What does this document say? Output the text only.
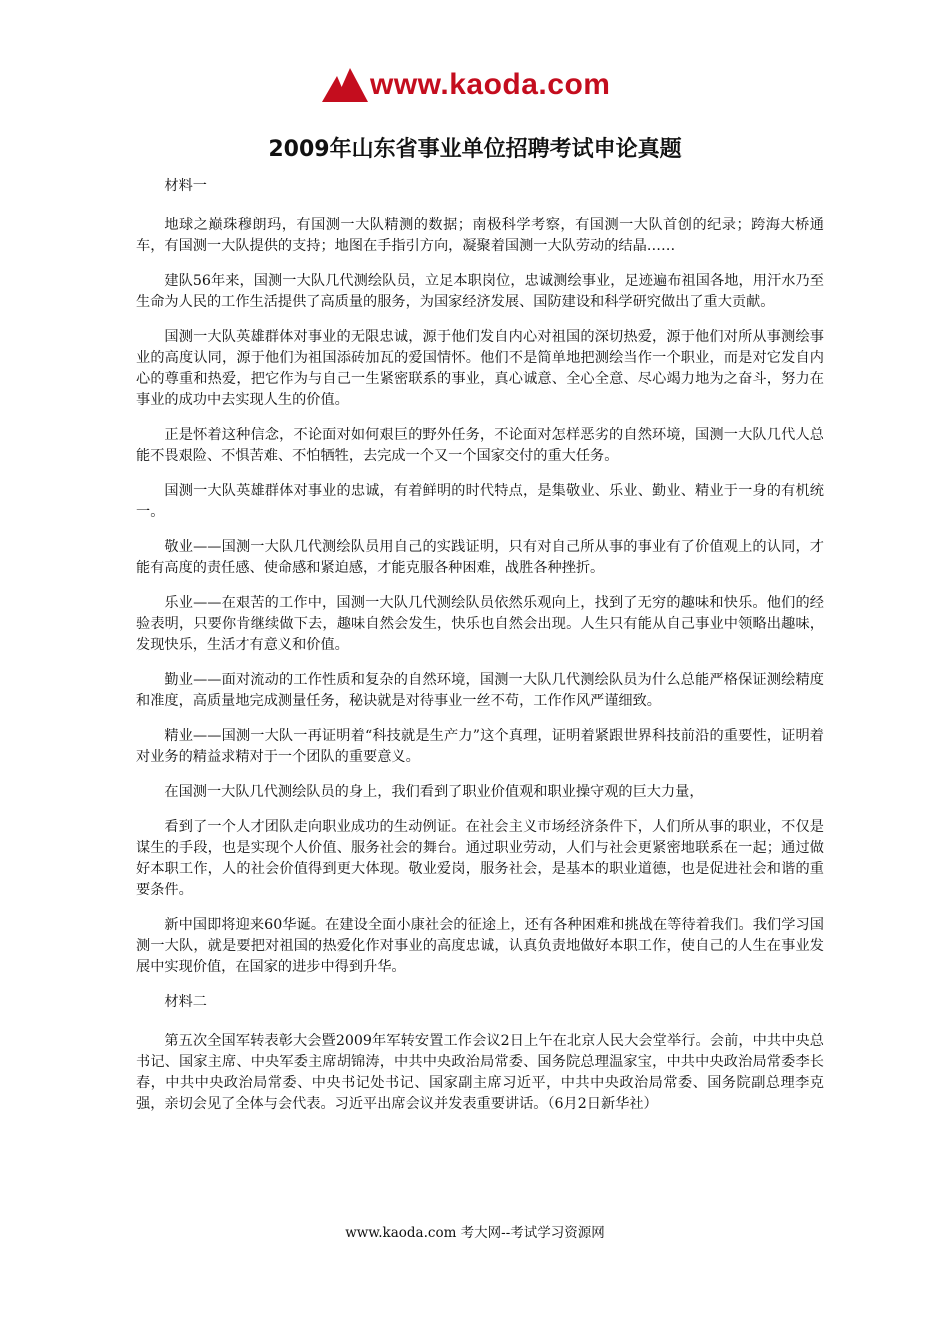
www.kaoda.com
2009年山东省事业单位招聘考试申论真题

材料一

地球之巅珠穆朗玛，有国测一大队精测的数据；南极科学考察，有国测一大队首创的纪录；跨海大桥通车，有国测一大队提供的支持；地图在手指引方向，凝聚着国测一大队劳动的结晶……

建队56年来，国测一大队几代测绘队员，立足本职岗位，忠诚测绘事业，足迹遍布祖国各地，用汗水乃至生命为人民的工作生活提供了高质量的服务，为国家经济发展、国防建设和科学研究做出了重大贡献。

国测一大队英雄群体对事业的无限忠诚，源于他们发自内心对祖国的深切热爱，源于他们对所从事测绘事业的高度认同，源于他们为祖国添砖加瓦的爱国情怀。他们不是简单地把测绘当作一个职业，而是对它发自内心的尊重和热爱，把它作为与自己一生紧密联系的事业，真心诚意、全心全意、尽心竭力地为之奋斗，努力在事业的成功中去实现人生的价值。

正是怀着这种信念，不论面对如何艰巨的野外任务，不论面对怎样恶劣的自然环境，国测一大队几代人总能不畏艰险、不惧苦难、不怕牺牲，去完成一个又一个国家交付的重大任务。

国测一大队英雄群体对事业的忠诚，有着鲜明的时代特点，是集敬业、乐业、勤业、精业于一身的有机统一。

敬业——国测一大队几代测绘队员用自己的实践证明，只有对自己所从事的事业有了价值观上的认同，才能有高度的责任感、使命感和紧迫感，才能克服各种困难，战胜各种挫折。

乐业——在艰苦的工作中，国测一大队几代测绘队员依然乐观向上，找到了无穷的趣味和快乐。他们的经验表明，只要你肯继续做下去，趣味自然会发生，快乐也自然会出现。人生只有能从自己事业中领略出趣味，发现快乐，生活才有意义和价值。

勤业——面对流动的工作性质和复杂的自然环境，国测一大队几代测绘队员为什么总能严格保证测绘精度和准度，高质量地完成测量任务，秘诀就是对待事业一丝不苟，工作作风严谨细致。

精业——国测一大队一再证明着“科技就是生产力”这个真理，证明着紧跟世界科技前沿的重要性，证明着对业务的精益求精对于一个团队的重要意义。

在国测一大队几代测绘队员的身上，我们看到了职业价值观和职业操守观的巨大力量，

看到了一个人才团队走向职业成功的生动例证。在社会主义市场经济条件下，人们所从事的职业，不仅是谋生的手段，也是实现个人价值、服务社会的舞台。通过职业劳动，人们与社会更紧密地联系在一起；通过做好本职工作，人的社会价值得到更大体现。敬业爱岗，服务社会，是基本的职业道德，也是促进社会和谐的重要条件。

新中国即将迎来60华诞。在建设全面小康社会的征途上，还有各种困难和挑战在等待着我们。我们学习国测一大队，就是要把对祖国的热爱化作对事业的高度忠诚，认真负责地做好本职工作，使自己的人生在事业发展中实现价值，在国家的进步中得到升华。

材料二

第五次全国军转表彰大会暨2009年军转安置工作会议2日上午在北京人民大会堂举行。会前，中共中央总书记、国家主席、中央军委主席胡锦涛，中共中央政治局常委、国务院总理温家宝，中共中央政治局常委李长春，中共中央政治局常委、中央书记处书记、国家副主席习近平，中共中央政治局常委、国务院副总理李克强，亲切会见了全体与会代表。习近平出席会议并发表重要讲话。（6月2日新华社）

www.kaoda.com 考大网--考试学习资源网
